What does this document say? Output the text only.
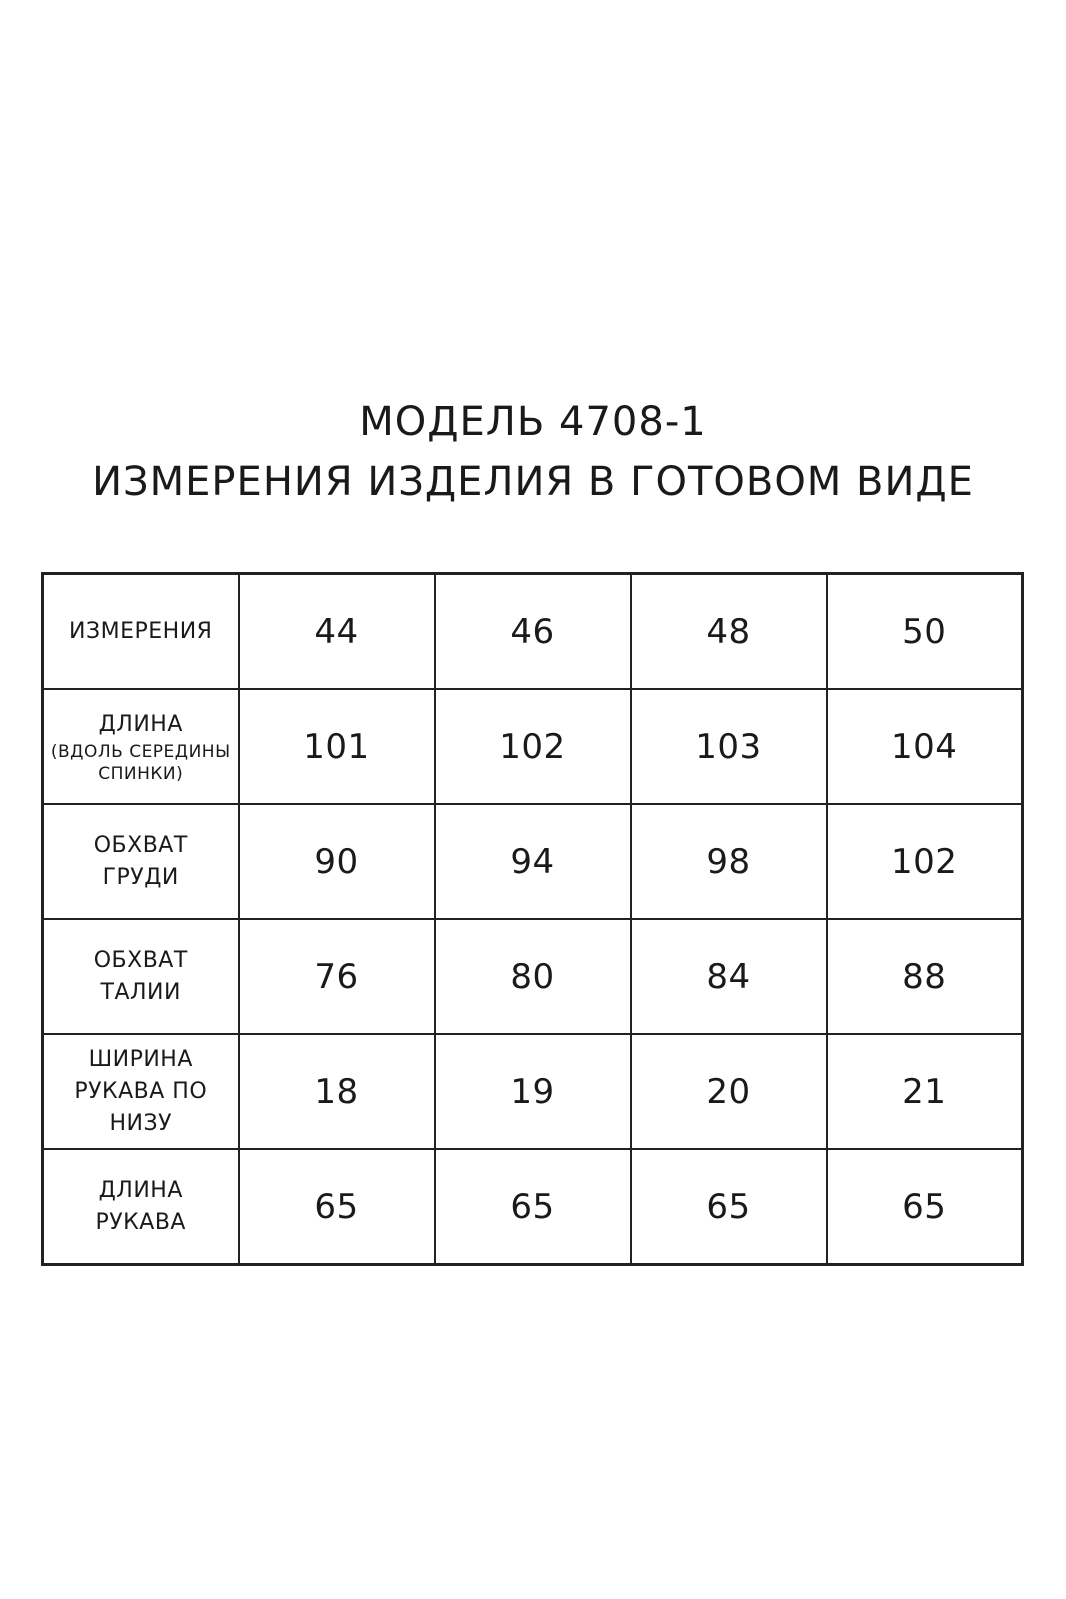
МОДЕЛЬ 4708-1
ИЗМЕРЕНИЯ ИЗДЕЛИЯ В ГОТОВОМ ВИДЕ
ИЗМЕРЕНИЯ	44	46	48	50

ДЛИНА
(ВДОЛЬ СЕРЕДИНЫ
СПИНКИ)	101	102	103	104

ОБХВАТ
ГРУДИ	90	94	98	102

ОБХВАТ
ТАЛИИ	76	80	84	88

ШИРИНА
РУКАВА ПО
НИЗУ	18	19	20	21

ДЛИНА
РУКАВА	65	65	65	65
